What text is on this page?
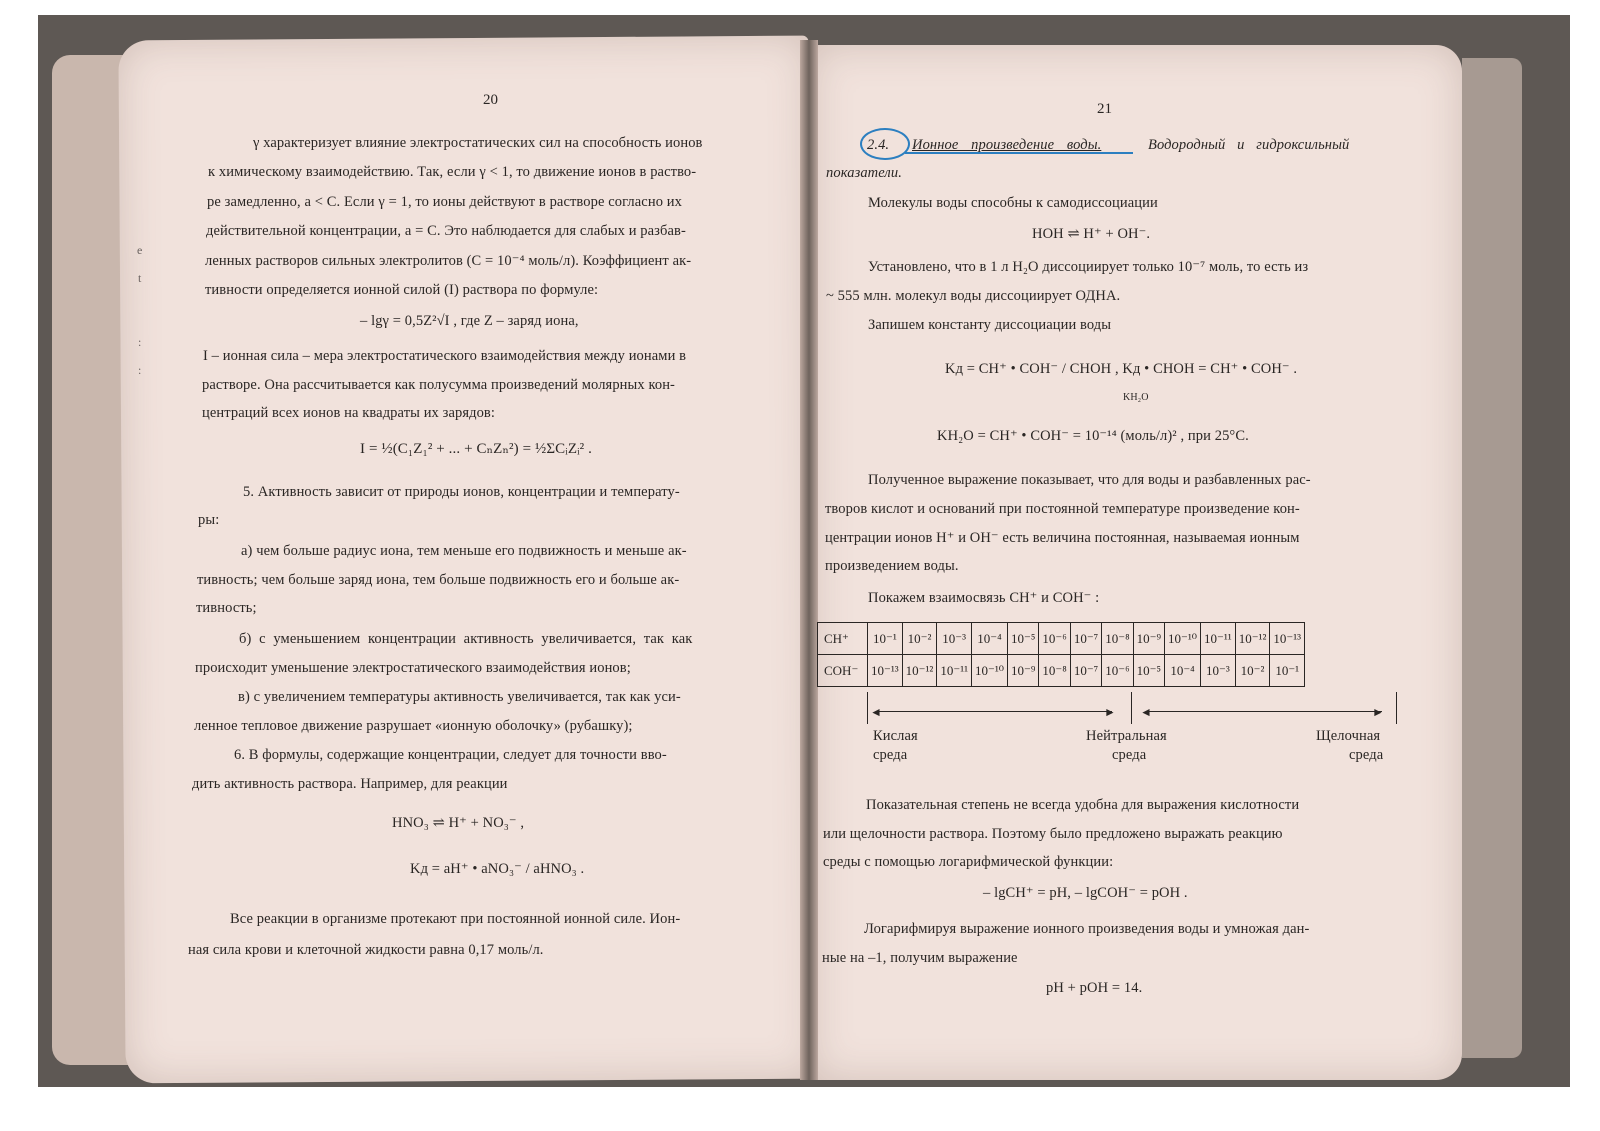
е
t
:
:
20
γ характеризует влияние электростатических сил на способность ионов
к химическому взаимодействию. Так, если γ < 1, то движение ионов в раство-
ре замедленно, а < С. Если γ = 1, то ионы действуют в растворе согласно их
действительной концентрации, а = С. Это наблюдается для слабых и разбав-
ленных растворов сильных электролитов (С = 10⁻⁴ моль/л). Коэффициент ак-
тивности определяется ионной силой (I) раствора по формуле:
– lgγ = 0,5Z²√I , где Z – заряд иона,
I – ионная сила – мера электростатического взаимодействия между ионами в
растворе. Она рассчитывается как полусумма произведений молярных кон-
центраций всех ионов на квадраты их зарядов:
I = ½(C₁Z₁² + ... + CₙZₙ²) = ½ΣCᵢZᵢ² .
5. Активность зависит от природы ионов, концентрации и температу-
ры:
а) чем больше радиус иона, тем меньше его подвижность и меньше ак-
тивность; чем больше заряд иона, тем больше подвижность его и больше ак-
тивность;
б) с уменьшением концентрации активность увеличивается, так как
происходит уменьшение электростатического взаимодействия ионов;
в) с увеличением температуры активность увеличивается, так как уси-
ленное тепловое движение разрушает «ионную оболочку» (рубашку);
6. В формулы, содержащие концентрации, следует для точности вво-
дить активность раствора. Например, для реакции
HNO₃ ⇌ H⁺ + NO₃⁻ ,
Kд = aH⁺ • aNO₃⁻ / aHNO₃ .
Все реакции в организме протекают при постоянной ионной силе. Ион-
ная сила крови и клеточной жидкости равна 0,17 моль/л.
21
2.4. Ионное произведение воды.	Водородный и гидроксильный
показатели.
Молекулы воды способны к самодиссоциации
HOH ⇌ H⁺ + OH⁻.
Установлено, что в 1 л H₂O диссоциирует только 10⁻⁷ моль, то есть из
~ 555 млн. молекул воды диссоциирует ОДНА.
Запишем константу диссоциации воды
Kд = CH⁺ • COH⁻ / CHOH , Kд • CHOH = CH⁺ • COH⁻ .
KH₂O
KH₂O = CH⁺ • COH⁻ = 10⁻¹⁴ (моль/л)² , при 25°С.
Полученное выражение показывает, что для воды и разбавленных рас-
творов кислот и оснований при постоянной температуре произведение кон-
центрации ионов H⁺ и OH⁻ есть величина постоянная, называемая ионным
произведением воды.
Покажем взаимосвязь CH⁺ и COH⁻ :
CH⁺	10⁻¹	10⁻²	10⁻³	10⁻⁴	10⁻⁵	10⁻⁶	10⁻⁷	10⁻⁸	10⁻⁹	10⁻¹⁰	10⁻¹¹	10⁻¹²	10⁻¹³
COH⁻	10⁻¹³	10⁻¹²	10⁻¹¹	10⁻¹⁰	10⁻⁹	10⁻⁸	10⁻⁷	10⁻⁶	10⁻⁵	10⁻⁴	10⁻³	10⁻²	10⁻¹
◄	► ◄	►
Кислая
среда
Нейтральная
среда
Щелочная
среда
Показательная степень не всегда удобна для выражения кислотности
или щелочности раствора. Поэтому было предложено выражать реакцию
среды с помощью логарифмической функции:
– lgCH⁺ = pH, – lgCOH⁻ = pOH .
Логарифмируя выражение ионного произведения воды и умножая дан-
ные на –1, получим выражение
pH + pOH = 14.
